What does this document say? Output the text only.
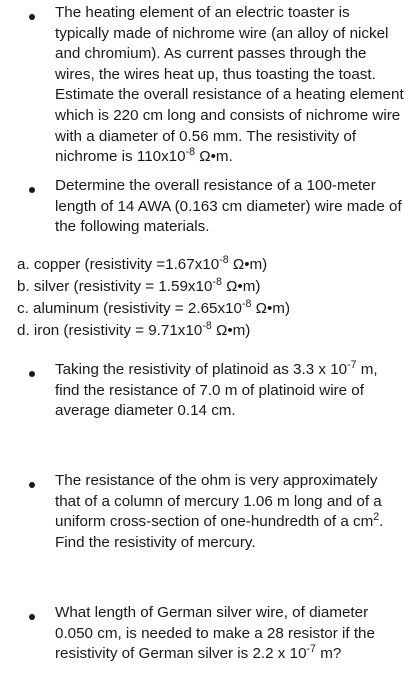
The heating element of an electric toaster is typically made of nichrome wire (an alloy of nickel and chromium). As current passes through the wires, the wires heat up, thus toasting the toast. Estimate the overall resistance of a heating element which is 220 cm long and consists of nichrome wire with a diameter of 0.56 mm. The resistivity of nichrome is $110x10^{-8}$ Ω•m.

Determine the overall resistance of a 100-meter length of 14 AWA (0.163 cm diameter) wire made of the following materials.

a. copper (resistivity $=1.67x10^{-8}$ Ω•m)

b. silver (resistivity = $1.59x10^{-8}$ Ω•m)

c. aluminum (resistivity = $2.65x10^{-8}$ Ω•m)

d. iron (resistivity = $9.71x10^{-8}$ Ω•m)

Taking the resistivity of platinoid as 3.3 x $10^{-7}$ m, find the resistance of 7.0 m of platinoid wire of average diameter 0.14 cm.

The resistance of the ohm is very approximately that of a column of mercury 1.06 m long and of a uniform cross-section of one-hundredth of a $cm^2$. Find the resistivity of mercury.

What length of German silver wire, of diameter 0.050 cm, is needed to make a 28 resistor if the resistivity of German silver is 2.2 x $10^{-7}$ m?
